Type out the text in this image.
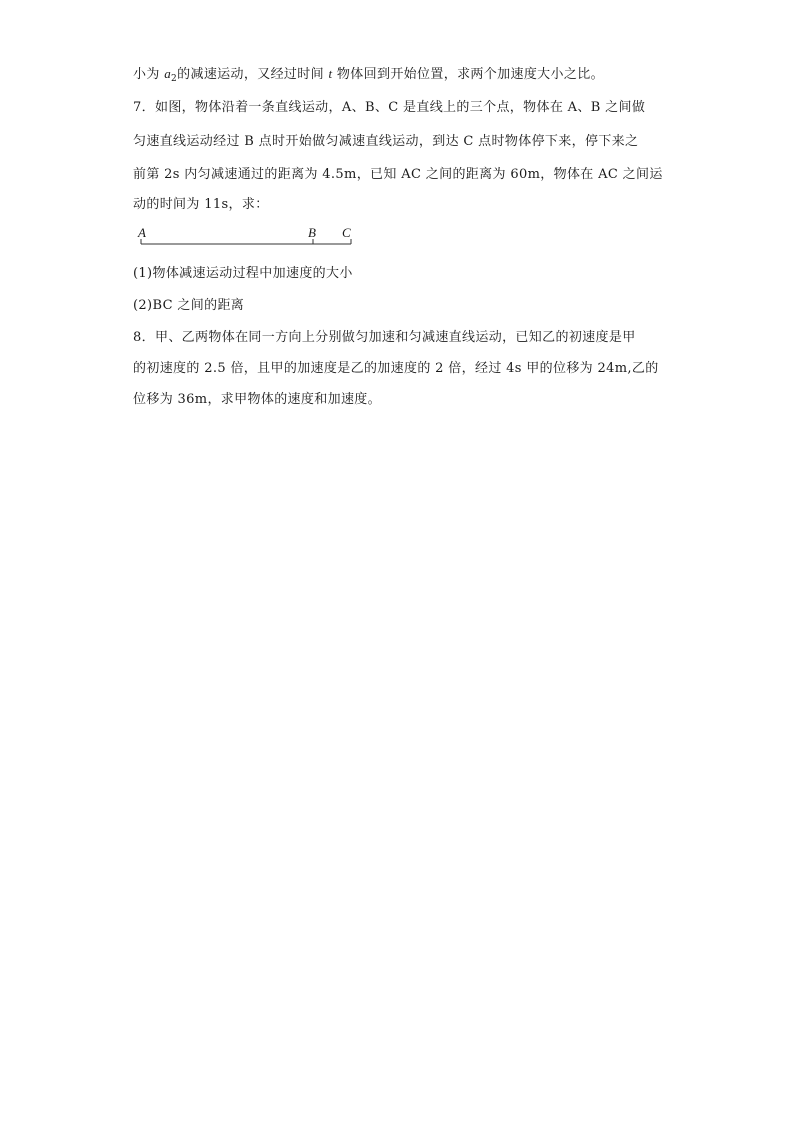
小为 $a_2$的减速运动，又经过时间 t 物体回到开始位置，求两个加速度大小之比。
7．如图，物体沿着一条直线运动，A、B、C 是直线上的三个点，物体在 A、B 之间做
匀速直线运动经过 B 点时开始做匀减速直线运动，到达 C 点时物体停下来，停下来之
前第 2s 内匀减速通过的距离为 4.5m，已知 AC 之间的距离为 60m，物体在 AC 之间运
动的时间为 11s，求：
A	B C
(1)物体减速运动过程中加速度的大小
(2)BC 之间的距离
8．甲、乙两物体在同一方向上分别做匀加速和匀减速直线运动，已知乙的初速度是甲
的初速度的 2.5 倍，且甲的加速度是乙的加速度的 2 倍，经过 4s 甲的位移为 24m,乙的
位移为 36m，求甲物体的速度和加速度。
